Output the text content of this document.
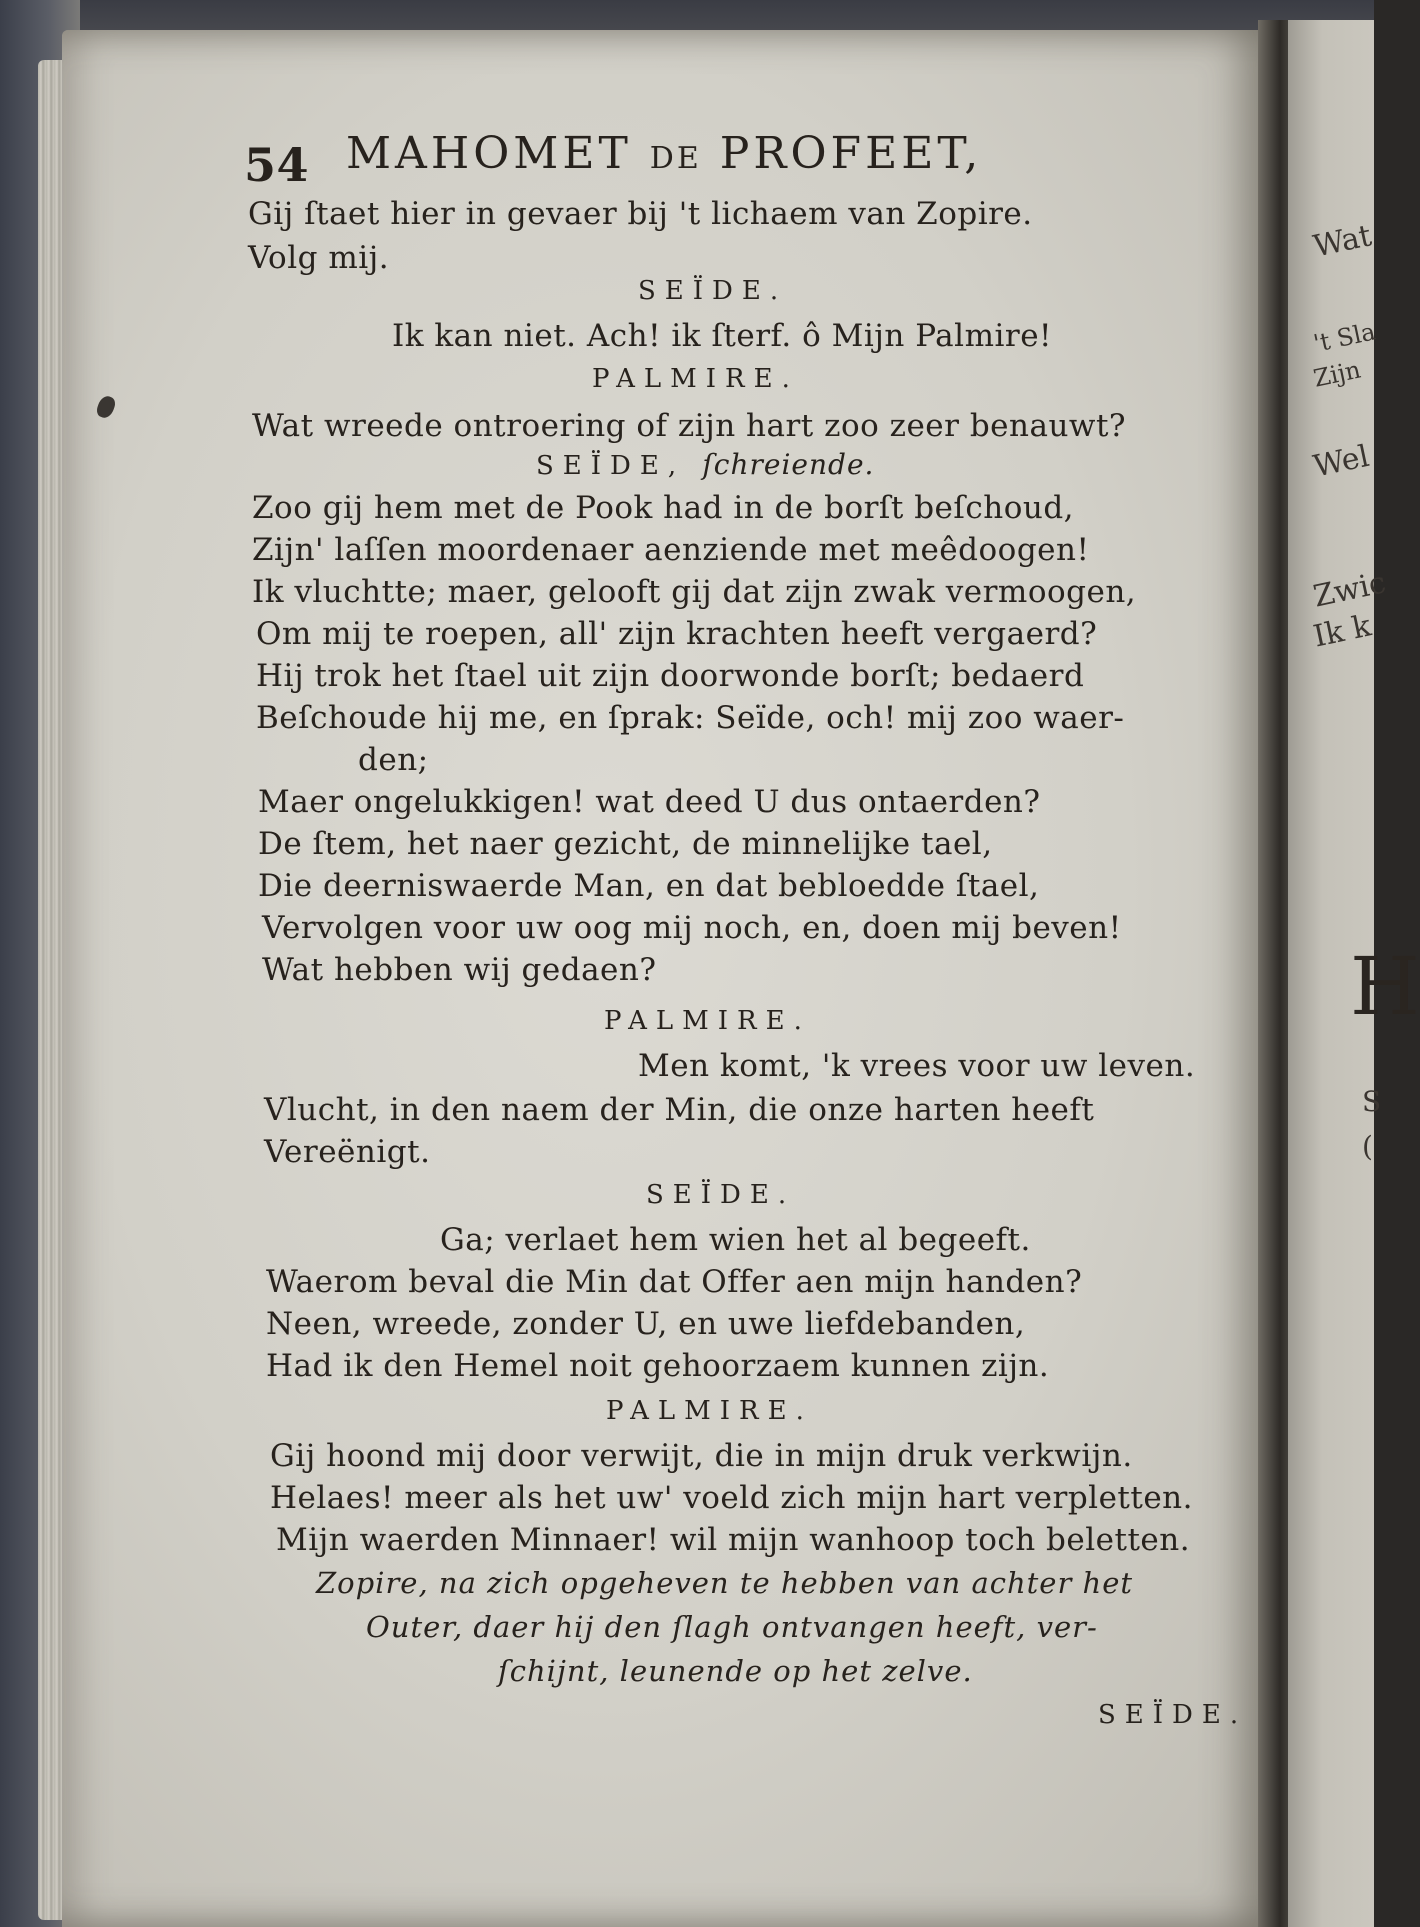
Wat
't Sla
Zijn
Wel
Zwic
Ik k
H
S
(
54 MAHOMET DE PROFEET,
Gij ſtaet hier in gevaer bij 't lichaem van Zopire.
Volg mij.
SEÏDE.
Ik kan niet. Ach! ik ſterf. ô Mijn Palmire!
PALMIRE.
Wat wreede ontroering of zijn hart zoo zeer benauwt?
SEÏDE, ſchreiende.
Zoo gij hem met de Pook had in de borſt beſchoud,
Zijn' laſſen moordenaer aenziende met meêdoogen!
Ik vluchtte; maer, gelooft gij dat zijn zwak vermoogen,
Om mij te roepen, all' zijn krachten heeft vergaerd?
Hij trok het ſtael uit zijn doorwonde borſt; bedaerd
Beſchoude hij me, en ſprak: Seïde, och! mij zoo waer-
den;
Maer ongelukkigen! wat deed U dus ontaerden?
De ſtem, het naer gezicht, de minnelijke tael,
Die deerniswaerde Man, en dat bebloedde ſtael,
Vervolgen voor uw oog mij noch, en, doen mij beven!
Wat hebben wij gedaen?
PALMIRE.
Men komt, 'k vrees voor uw leven.
Vlucht, in den naem der Min, die onze harten heeft
Vereënigt.
SEÏDE.
Ga; verlaet hem wien het al begeeft.
Waerom beval die Min dat Offer aen mijn handen?
Neen, wreede, zonder U, en uwe liefdebanden,
Had ik den Hemel noit gehoorzaem kunnen zijn.
PALMIRE.
Gij hoond mij door verwijt, die in mijn druk verkwijn.
Helaes! meer als het uw' voeld zich mijn hart verpletten.
Mijn waerden Minnaer! wil mijn wanhoop toch beletten.
Zopire, na zich opgeheven te hebben van achter het
Outer, daer hij den ſlagh ontvangen heeft, ver-
ſchijnt, leunende op het zelve.
SEÏDE.
